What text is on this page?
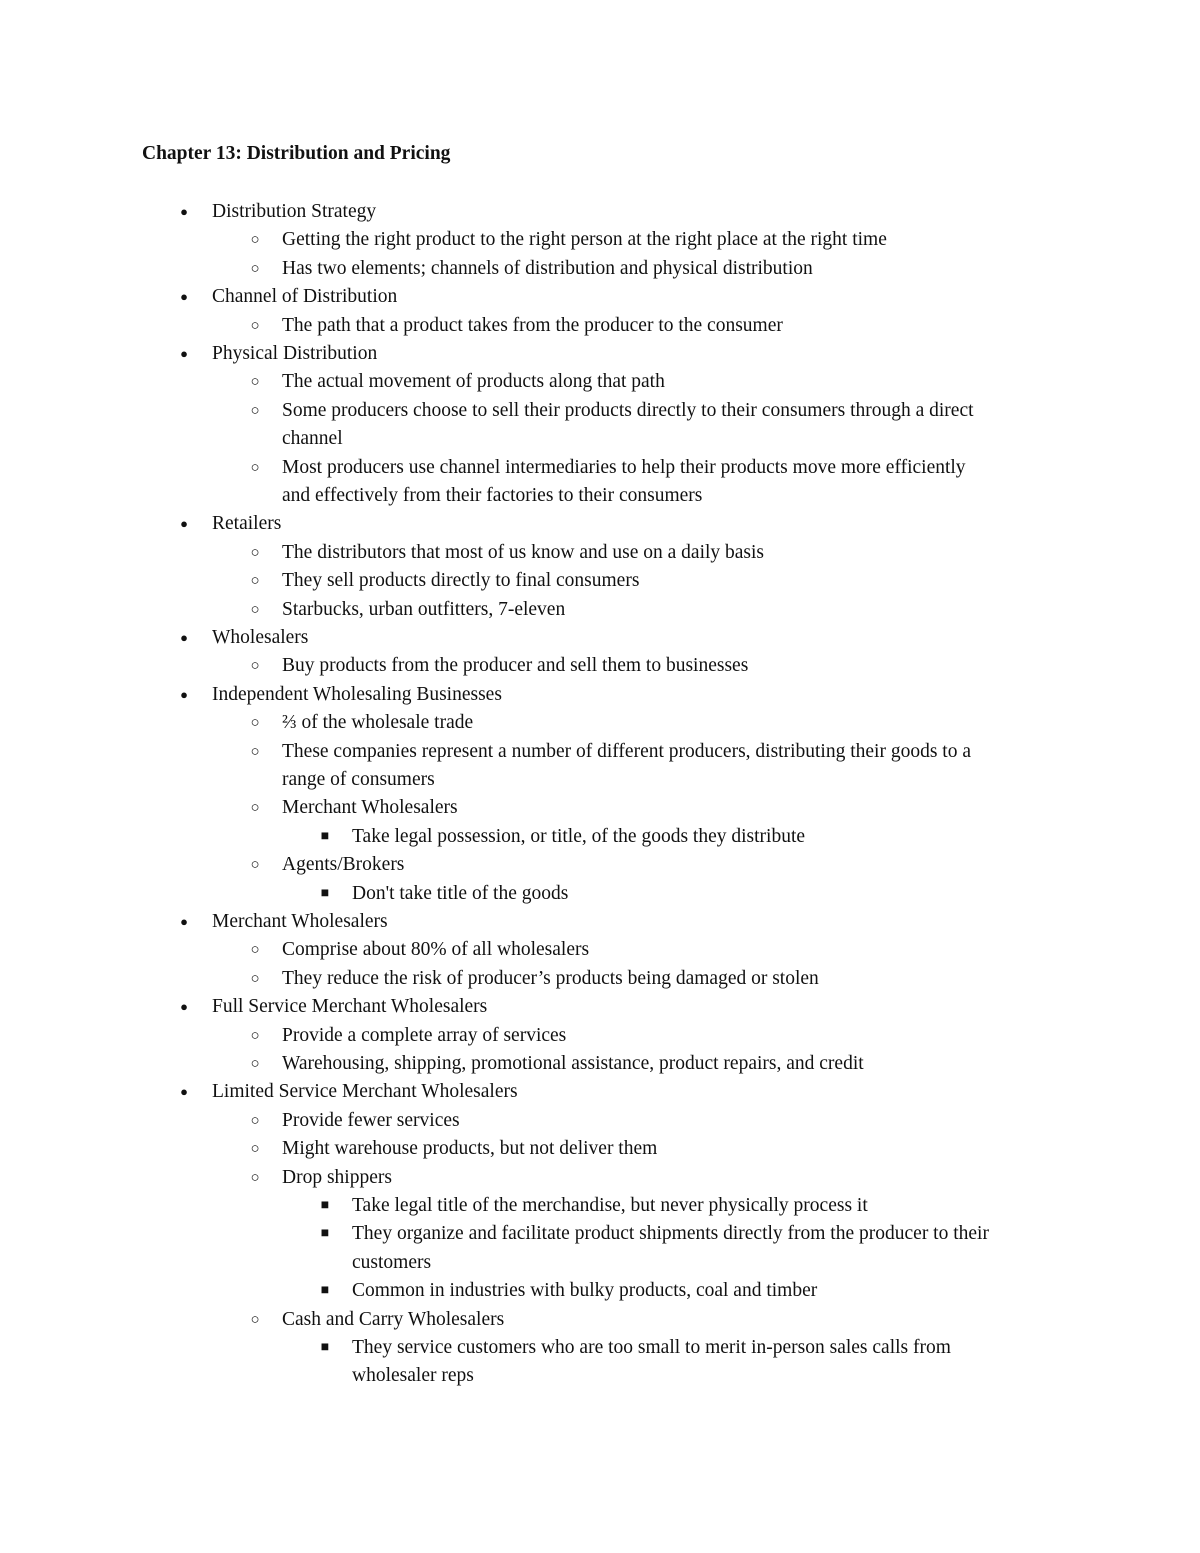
Chapter 13: Distribution and Pricing
●	Distribution Strategy
○	Getting the right product to the right person at the right place at the right time
○	Has two elements; channels of distribution and physical distribution
●	Channel of Distribution
○	The path that a product takes from the producer to the consumer
●	Physical Distribution
○	The actual movement of products along that path
○	Some producers choose to sell their products directly to their consumers through a direct
channel
○	Most producers use channel intermediaries to help their products move more efficiently
and effectively from their factories to their consumers
●	Retailers
○	The distributors that most of us know and use on a daily basis
○	They sell products directly to final consumers
○	Starbucks, urban outfitters, 7-eleven
●	Wholesalers
○	Buy products from the producer and sell them to businesses
●	Independent Wholesaling Businesses
○	⅔ of the wholesale trade
○	These companies represent a number of different producers, distributing their goods to a
range of consumers
○	Merchant Wholesalers
■	Take legal possession, or title, of the goods they distribute
○	Agents/Brokers
■	Don't take title of the goods
●	Merchant Wholesalers
○	Comprise about 80% of all wholesalers
○	They reduce the risk of producer’s products being damaged or stolen
●	Full Service Merchant Wholesalers
○	Provide a complete array of services
○	Warehousing, shipping, promotional assistance, product repairs, and credit
●	Limited Service Merchant Wholesalers
○	Provide fewer services
○	Might warehouse products, but not deliver them
○	Drop shippers
■	Take legal title of the merchandise, but never physically process it
■	They organize and facilitate product shipments directly from the producer to their
customers
■	Common in industries with bulky products, coal and timber
○	Cash and Carry Wholesalers
■	They service customers who are too small to merit in-person sales calls from
wholesaler reps
